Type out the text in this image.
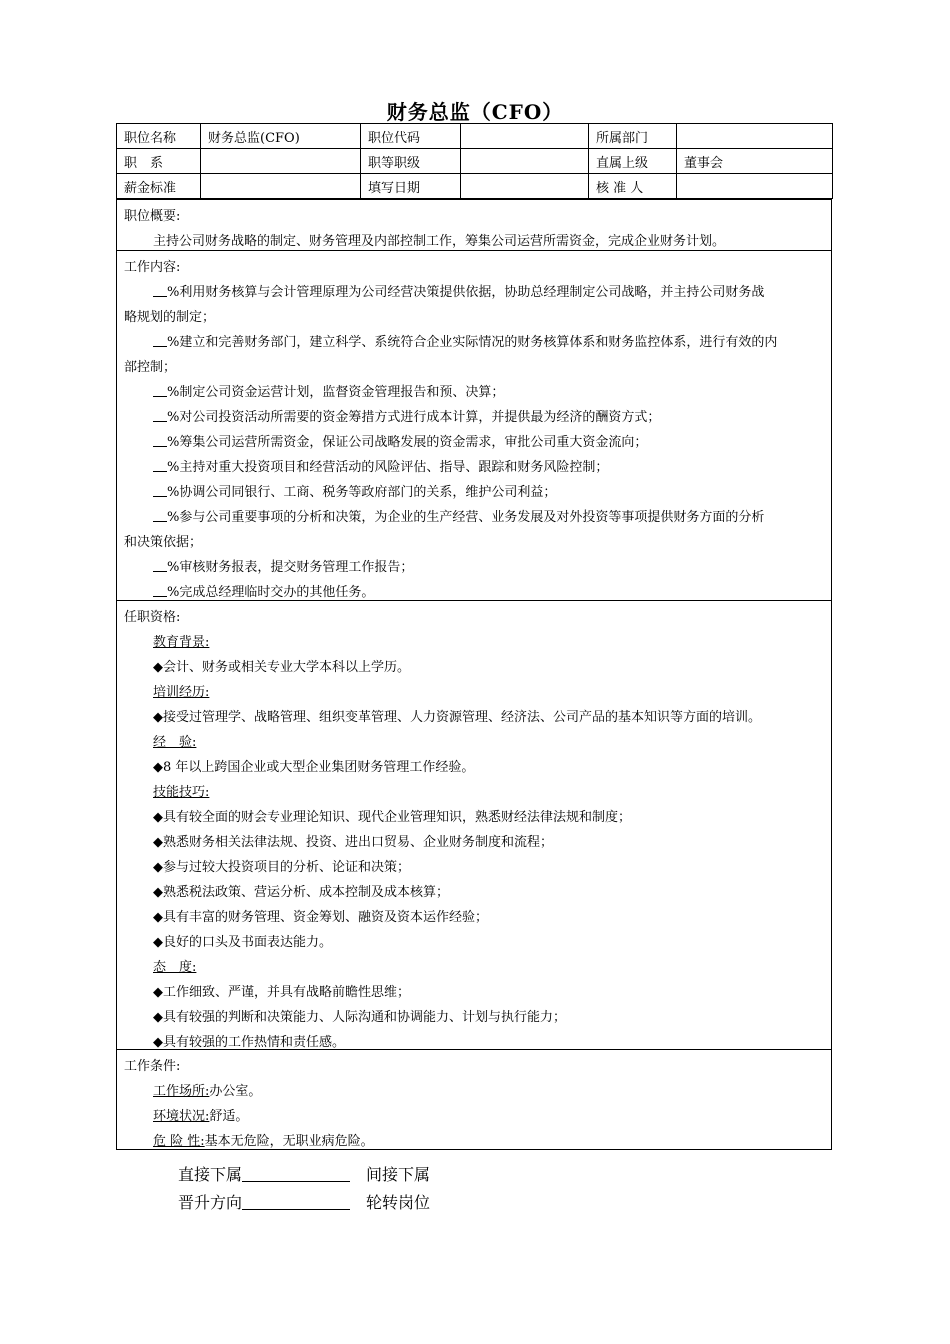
财务总监（CFO）
职位名称	财务总监(CFO)	职位代码		所属部门	
职　系		职等职级		直属上级	董事会
薪金标准		填写日期		核 准 人	
职位概要:
主持公司财务战略的制定、财务管理及内部控制工作，筹集公司运营所需资金，完成企业财务计划。
工作内容:
%利用财务核算与会计管理原理为公司经营决策提供依据，协助总经理制定公司战略，并主持公司财务战
略规划的制定；
%建立和完善财务部门，建立科学、系统符合企业实际情况的财务核算体系和财务监控体系，进行有效的内
部控制；
%制定公司资金运营计划，监督资金管理报告和预、决算；
%对公司投资活动所需要的资金筹措方式进行成本计算，并提供最为经济的酬资方式；
%筹集公司运营所需资金，保证公司战略发展的资金需求，审批公司重大资金流向；
%主持对重大投资项目和经营活动的风险评估、指导、跟踪和财务风险控制；
%协调公司同银行、工商、税务等政府部门的关系，维护公司利益；
%参与公司重要事项的分析和决策，为企业的生产经营、业务发展及对外投资等事项提供财务方面的分析
和决策依据；
%审核财务报表，提交财务管理工作报告；
%完成总经理临时交办的其他任务。
任职资格:
教育背景:
◆会计、财务或相关专业大学本科以上学历。
培训经历:
◆接受过管理学、战略管理、组织变革管理、人力资源管理、经济法、公司产品的基本知识等方面的培训。
经　验:
◆8 年以上跨国企业或大型企业集团财务管理工作经验。
技能技巧:
◆具有较全面的财会专业理论知识、现代企业管理知识，熟悉财经法律法规和制度；
◆熟悉财务相关法律法规、投资、进出口贸易、企业财务制度和流程；
◆参与过较大投资项目的分析、论证和决策；
◆熟悉税法政策、营运分析、成本控制及成本核算；
◆具有丰富的财务管理、资金筹划、融资及资本运作经验；
◆良好的口头及书面表达能力。
态　度:
◆工作细致、严谨，并具有战略前瞻性思维；
◆具有较强的判断和决策能力、人际沟通和协调能力、计划与执行能力；
◆具有较强的工作热情和责任感。
工作条件:
工作场所:办公室。
环境状况:舒适。
危 险 性:基本无危险，无职业病危险。
直接下属	间接下属
晋升方向	轮转岗位
